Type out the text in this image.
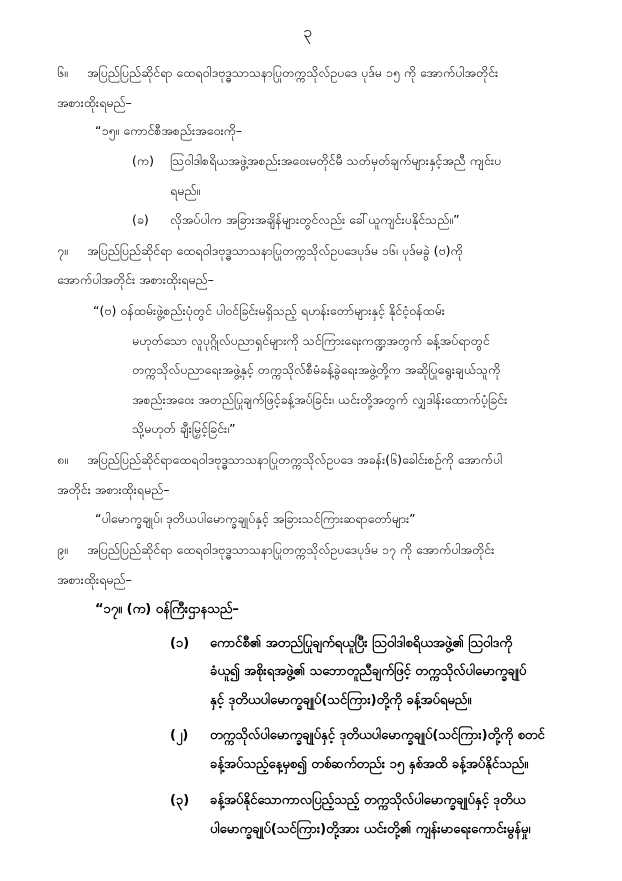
၃
၆။ အပြည်ပြည်ဆိုင်ရာ ထေရဝါဒဗုဒ္ဓသာသနာပြုတက္ကသိုလ်ဥပဒေ ပုဒ်မ ၁၅ ကို အောက်ပါအတိုင်း
အစားထိုးရမည်–
“၁၅။ ကောင်စီအစည်းအဝေးကို–
(က) ဩဝါဒါစရိယအဖွဲ့အစည်းအဝေးမတိုင်မီ သတ်မှတ်ချက်များနှင့်အညီ ကျင်းပ
ရမည်။
(ခ) လိုအပ်ပါက အခြားအချိန်များတွင်လည်း ခေါ်ယူကျင်းပနိုင်သည်။”
၇။ အပြည်ပြည်ဆိုင်ရာ ထေရဝါဒဗုဒ္ဓသာသနာပြုတက္ကသိုလ်ဥပဒေပုဒ်မ ၁၆၊ ပုဒ်မခွဲ (ဗ)ကို
အောက်ပါအတိုင်း အစားထိုးရမည်–
“(ဗ) ဝန်ထမ်းဖွဲ့စည်းပုံတွင် ပါဝင်ခြင်းမရှိသည့် ရဟန်းတော်များနှင့် နိုင်ငံ့ဝန်ထမ်း
မဟုတ်သော လူပုဂ္ဂိုလ်ပညာရှင်များကို သင်ကြားရေးကဏ္ဍအတွက် ခန့်အပ်ရာတွင်
တက္ကသိုလ်ပညာရေးအဖွဲ့နှင့် တက္ကသိုလ်စီမံခန့်ခွဲရေးအဖွဲ့တို့က အဆိုပြုရွေးချယ်သူကို
အစည်းအဝေး အတည်ပြုချက်ဖြင့်ခန့်အပ်ခြင်း၊ ယင်းတို့အတွက် လျှဒါန်းထောက်ပံ့ခြင်း
သို့မဟုတ် ချီးမြှင့်ခြင်း၊”
၈။ အပြည်ပြည်ဆိုင်ရာထေရဝါဒဗုဒ္ဓသာသနာပြုတက္ကသိုလ်ဥပဒေ အခန်း(၆)ခေါင်းစဉ်ကို အောက်ပါ
အတိုင်း အစားထိုးရမည်–
“ပါမောက္ခချုပ်၊ ဒုတိယပါမောက္ခချုပ်နှင့် အခြားသင်ကြားဆရာတော်များ”
၉။ အပြည်ပြည်ဆိုင်ရာ ထေရဝါဒဗုဒ္ဓသာသနာပြုတက္ကသိုလ်ဥပဒေပုဒ်မ ၁၇ ကို အောက်ပါအတိုင်း
အစားထိုးရမည်–
“၁၇။ (က) ဝန်ကြီးဌာနသည်–
(၁) ကောင်စီ၏ အတည်ပြုချက်ရယူပြီး ဩဝါဒါစရိယအဖွဲ့၏ ဩဝါဒကို
ခံယူ၍ အစိုးရအဖွဲ့၏ သဘောတူညီချက်ဖြင့် တက္ကသိုလ်ပါမောက္ခချုပ်
နှင့် ဒုတိယပါမောက္ခချုပ်(သင်ကြား)တို့ကို ခန့်အပ်ရမည်။
(၂) တက္ကသိုလ်ပါမောက္ခချုပ်နှင့် ဒုတိယပါမောက္ခချုပ်(သင်ကြား)တို့ကို စတင်
ခန့်အပ်သည့်နေ့မှစ၍ တစ်ဆက်တည်း ၁၅ နှစ်အထိ ခန့်အပ်နိုင်သည်။
(၃) ခန့်အပ်နိုင်သောကာလပြည့်သည့် တက္ကသိုလ်ပါမောက္ခချုပ်နှင့် ဒုတိယ
ပါမောက္ခချုပ်(သင်ကြား)တို့အား ယင်းတို့၏ ကျန်းမာရေးကောင်းမွန်မှု၊
